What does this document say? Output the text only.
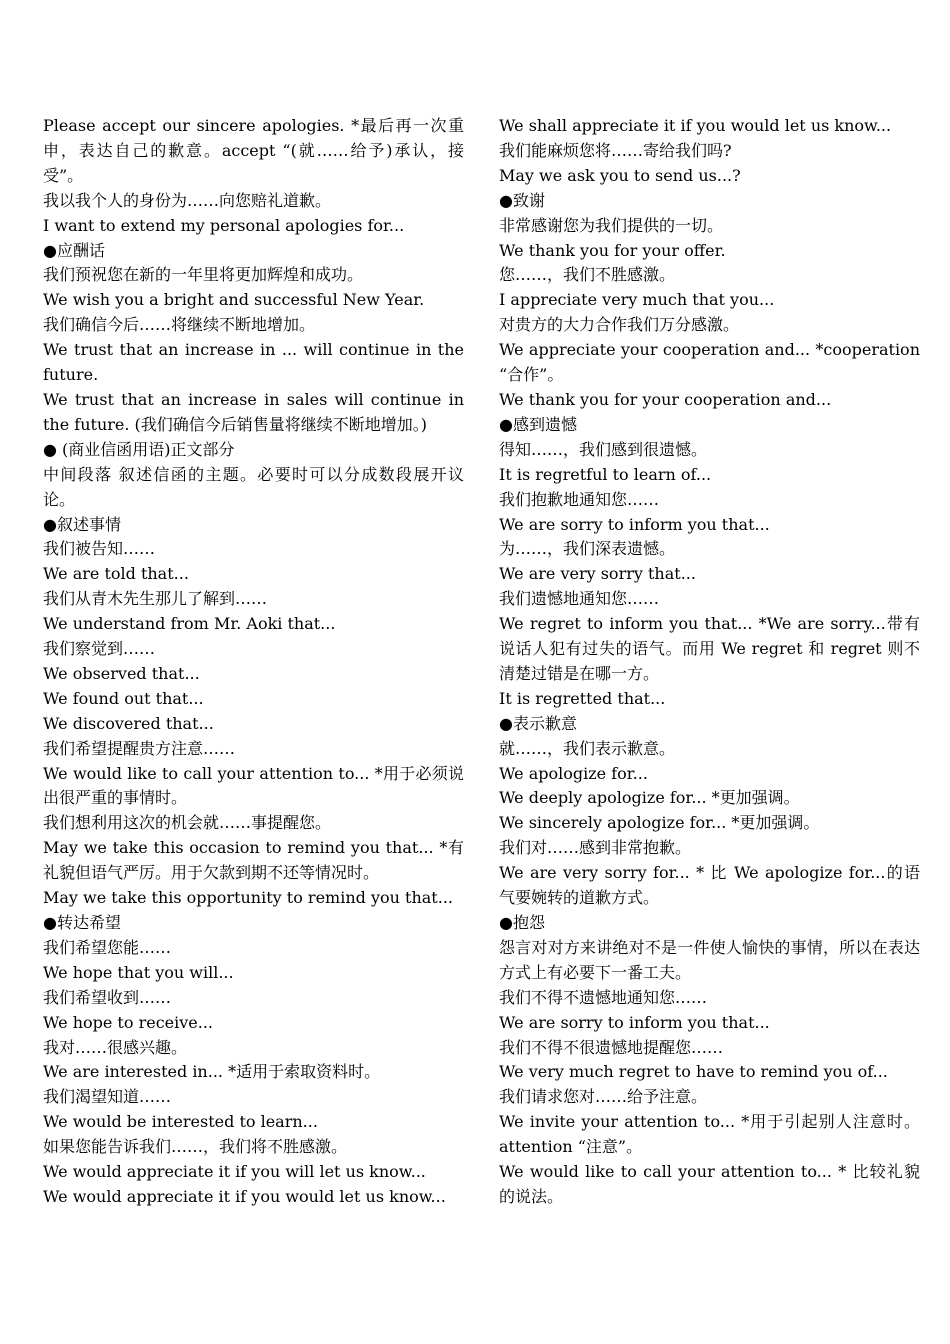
Please accept our sincere apologies. *最后再一次重申，表达自己的歉意。accept “(就……给予)承认，接受”。

我以我个人的身份为……向您赔礼道歉。

I want to extend my personal apologies for...

●应酬话

我们预祝您在新的一年里将更加辉煌和成功。

We wish you a bright and successful New Year.

我们确信今后……将继续不断地增加。

We trust that an increase in ... will continue in the future.

We trust that an increase in sales will continue in the future. (我们确信今后销售量将继续不断地增加。)

● (商业信函用语)正文部分

中间段落 叙述信函的主题。必要时可以分成数段展开议论。

●叙述事情

我们被告知……

We are told that...

我们从青木先生那儿了解到……

We understand from Mr. Aoki that...

我们察觉到……

We observed that...

We found out that...

We discovered that...

我们希望提醒贵方注意……

We would like to call your attention to... *用于必须说出很严重的事情时。

我们想利用这次的机会就……事提醒您。

May we take this occasion to remind you that... *有礼貌但语气严厉。用于欠款到期不还等情况时。

May we take this opportunity to remind you that...

●转达希望

我们希望您能……

We hope that you will...

我们希望收到……

We hope to receive...

我对……很感兴趣。

We are interested in... *适用于索取资料时。

我们渴望知道……

We would be interested to learn...

如果您能告诉我们……，我们将不胜感激。

We would appreciate it if you will let us know...

We would appreciate it if you would let us know...

We shall appreciate it if you would let us know...

我们能麻烦您将……寄给我们吗?

May we ask you to send us...?

●致谢

非常感谢您为我们提供的一切。

We thank you for your offer.

您……，我们不胜感激。

I appreciate very much that you...

对贵方的大力合作我们万分感激。

We appreciate your cooperation and... *cooperation “合作”。

We thank you for your cooperation and...

●感到遗憾

得知……，我们感到很遗憾。

It is regretful to learn of...

我们抱歉地通知您……

We are sorry to inform you that...

为……，我们深表遗憾。

We are very sorry that...

我们遗憾地通知您……

We regret to inform you that... *We are sorry...带有说话人犯有过失的语气。而用 We regret 和 regret 则不清楚过错是在哪一方。

It is regretted that...

●表示歉意

就……，我们表示歉意。

We apologize for...

We deeply apologize for... *更加强调。

We sincerely apologize for... *更加强调。

我们对……感到非常抱歉。

We are very sorry for... * 比 We apologize for...的语气要婉转的道歉方式。

●抱怨

怨言对对方来讲绝对不是一件使人愉快的事情，所以在表达方式上有必要下一番工夫。

我们不得不遗憾地通知您……

We are sorry to inform you that...

我们不得不很遗憾地提醒您……

We very much regret to have to remind you of...

我们请求您对……给予注意。

We invite your attention to... *用于引起别人注意时。attention “注意”。

We would like to call your attention to... * 比较礼貌的说法。
